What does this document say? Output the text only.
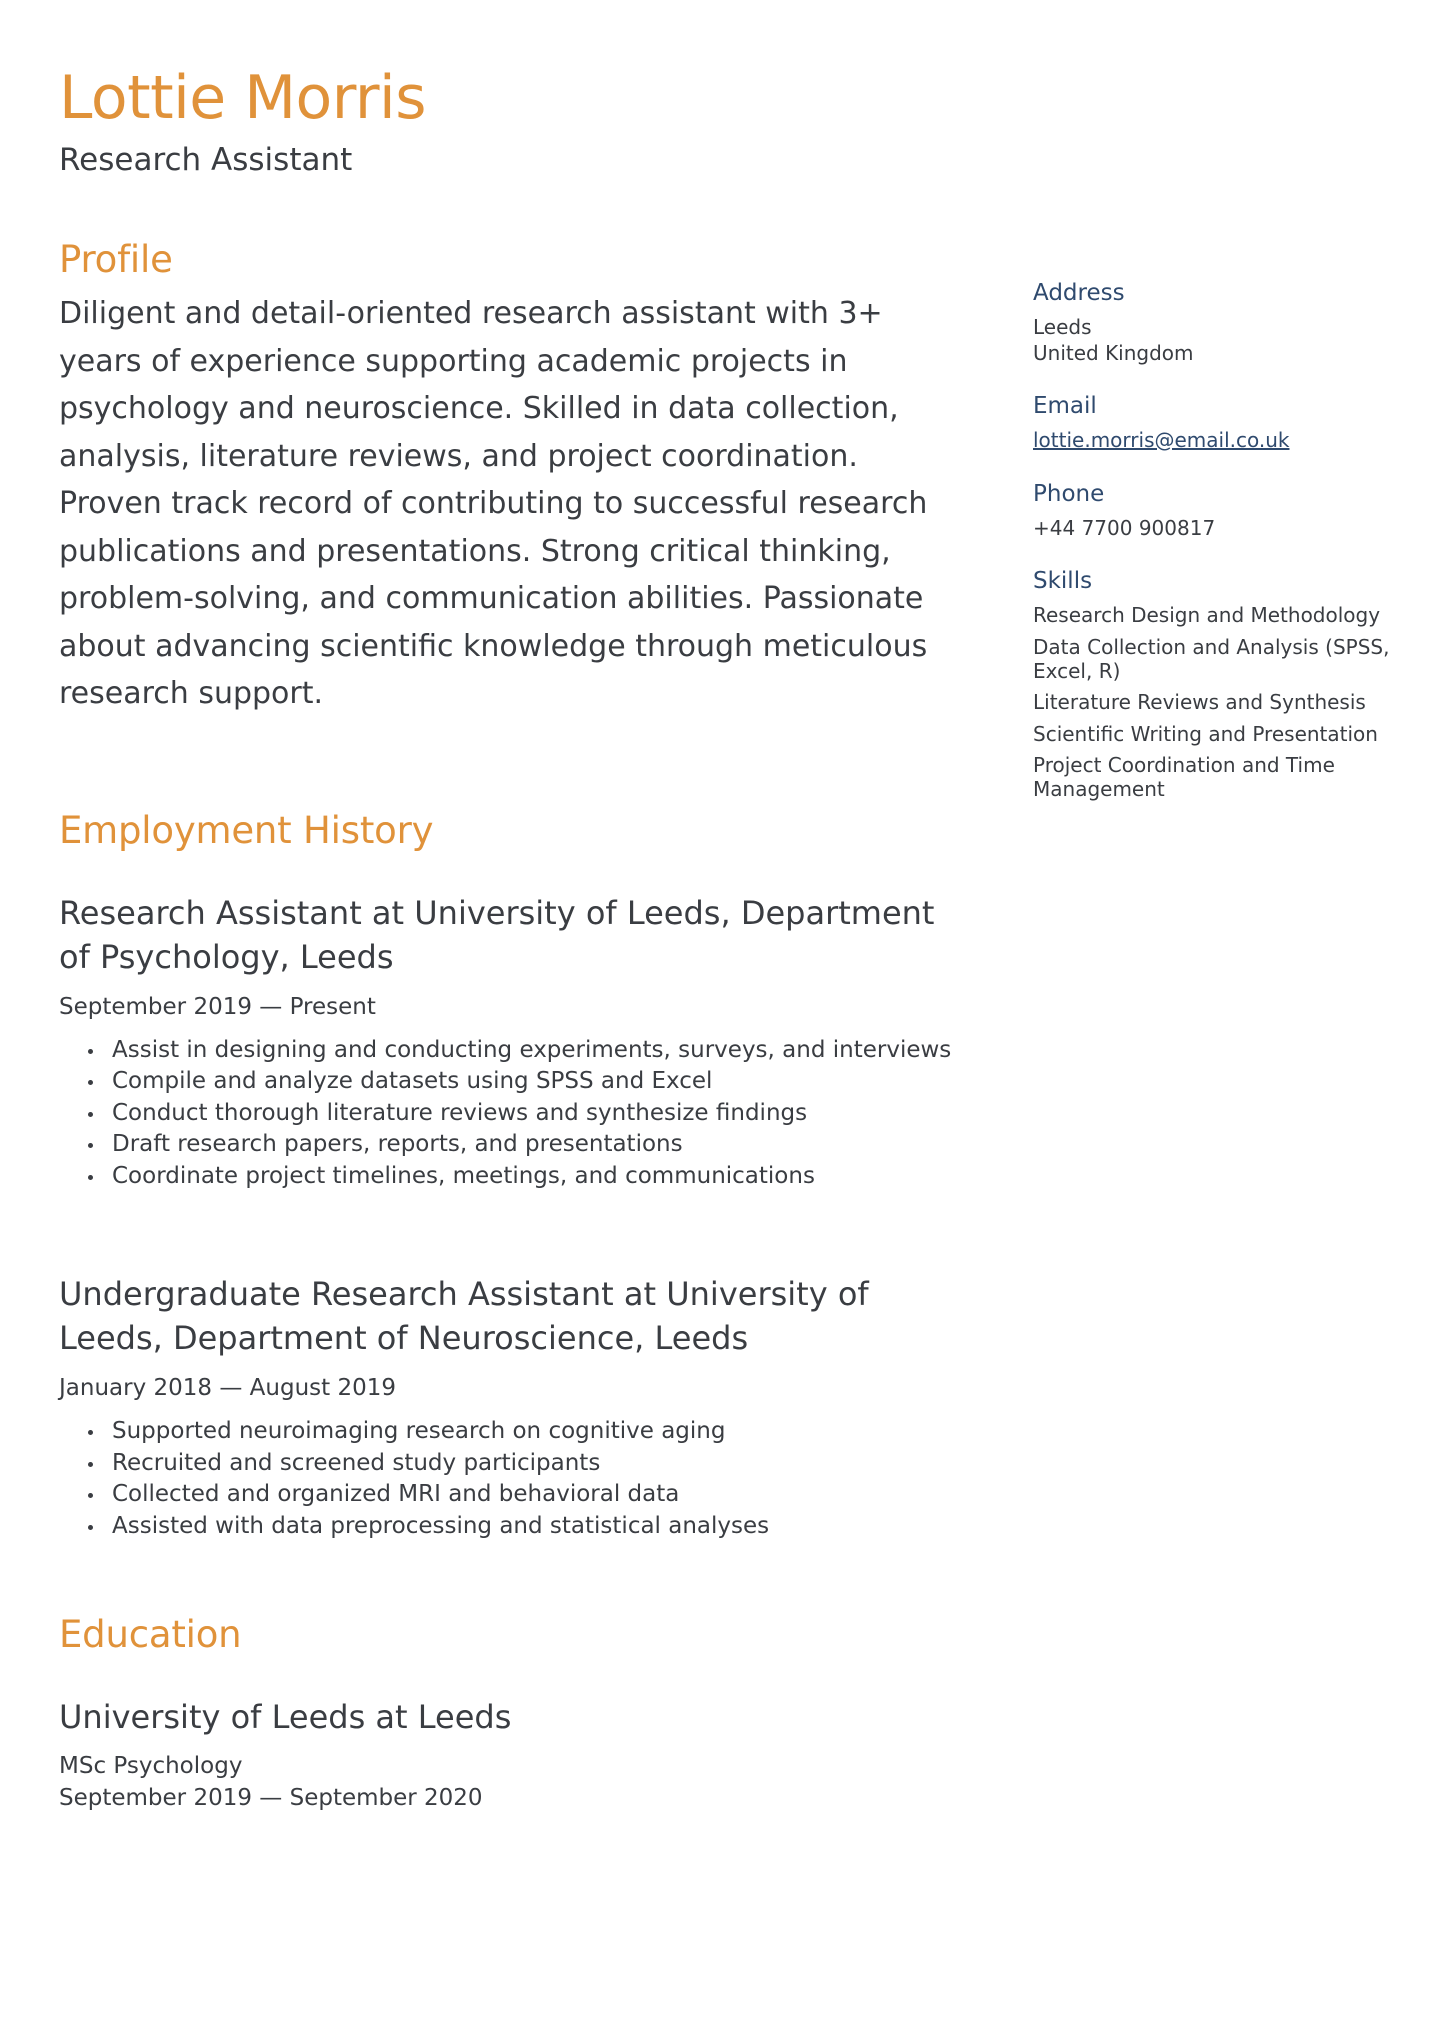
Lottie Morris
Research Assistant
Profile

Diligent and detail-oriented research assistant with 3+ years of experience supporting academic projects in psychology and neuroscience. Skilled in data collection, analysis, literature reviews, and project coordination. Proven track record of contributing to successful research publications and presentations. Strong critical thinking, problem-solving, and communication abilities. Passionate about advancing scientific knowledge through meticulous research support.

Employment History
Research Assistant at University of Leeds, Department of Psychology, Leeds
September 2019 — Present
Assist in designing and conducting experiments, surveys, and interviews
Compile and analyze datasets using SPSS and Excel
Conduct thorough literature reviews and synthesize findings
Draft research papers, reports, and presentations
Coordinate project timelines, meetings, and communications
Undergraduate Research Assistant at University of Leeds, Department of Neuroscience, Leeds
January 2018 — August 2019
Supported neuroimaging research on cognitive aging
Recruited and screened study participants
Collected and organized MRI and behavioral data
Assisted with data preprocessing and statistical analyses
Education
University of Leeds at Leeds
MSc Psychology
September 2019 — September 2020
Address

Leeds

United Kingdom

Email

lottie.morris@email.co.uk

Phone

+44 7700 900817

Skills
Research Design and Methodology
Data Collection and Analysis (SPSS, Excel, R)
Literature Reviews and Synthesis
Scientific Writing and Presentation
Project Coordination and Time Management
